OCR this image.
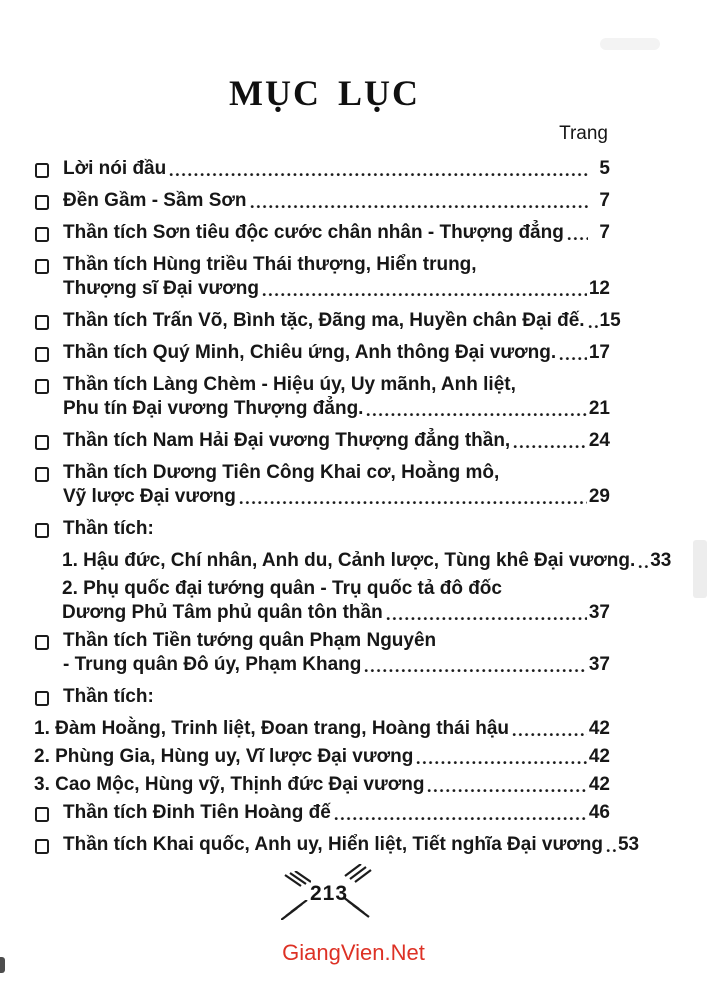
MỤC LỤC
Trang
Lời nói đầu	5
Đền Gầm - Sầm Sơn	7
Thần tích Sơn tiêu độc cước chân nhân - Thượng đẳng	7
Thần tích Hùng triều Thái thượng, Hiển trung,
Thượng sĩ Đại vương	12
Thần tích Trấn Võ, Bình tặc, Đãng ma, Huyền chân Đại đế. 15
Thần tích Quý Minh, Chiêu ứng, Anh thông Đại vương. 17
Thần tích Làng Chèm - Hiệu úy, Uy mãnh, Anh liệt,
Phu tín Đại vương Thượng đẳng.	21
Thần tích Nam Hải Đại vương Thượng đẳng thần,	24
Thần tích Dương Tiên Công Khai cơ, Hoằng mô,
Vỹ lược Đại vương	29
Thần tích:
1. Hậu đức, Chí nhân, Anh du, Cảnh lược, Tùng khê Đại vương. 33
2. Phụ quốc đại tướng quân - Trụ quốc tả đô đốc
Dương Phủ Tâm phủ quân tôn thần	37
Thần tích Tiền tướng quân Phạm Nguyên
- Trung quân Đô úy, Phạm Khang	37
Thần tích:
1. Đàm Hoằng, Trinh liệt, Đoan trang, Hoàng thái hậu	42
2. Phùng Gia, Hùng uy, Vĩ lược Đại vương	42
3. Cao Mộc, Hùng vỹ, Thịnh đức Đại vương	42
Thần tích Đinh Tiên Hoàng đế	46
Thần tích Khai quốc, Anh uy, Hiển liệt, Tiết nghĩa Đại vương 53
213
GiangVien.Net
